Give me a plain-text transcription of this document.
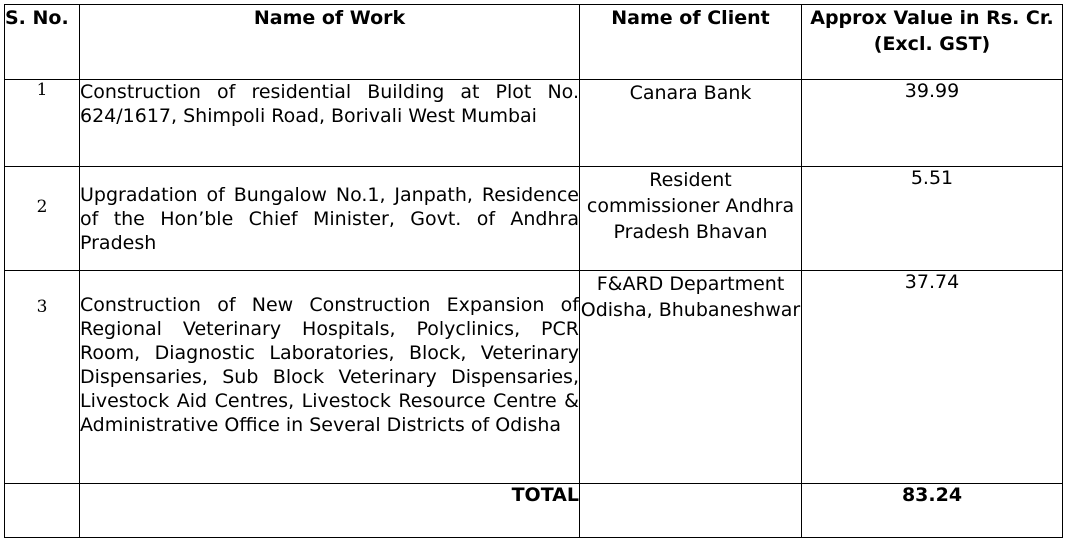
S. No.	Name of Work	Name of Client	Approx Value in Rs. Cr. (Excl. GST)
1	Construction of residential Building at Plot No. 624/1617, Shimpoli Road, Borivali West Mumbai	Canara Bank	39.99
2	Upgradation of Bungalow No.1, Janpath, Residence of the Hon’ble Chief Minister, Govt. of Andhra Pradesh	Resident commissioner Andhra Pradesh Bhavan	5.51
3	Construction of New Construction Expansion of Regional Veterinary Hospitals, Polyclinics, PCR Room, Diagnostic Laboratories, Block, Veterinary Dispensaries, Sub Block Veterinary Dispensaries, Livestock Aid Centres, Livestock Resource Centre & Administrative Office in Several Districts of Odisha	F&ARD Department Odisha, Bhubaneshwar	37.74
	TOTAL		83.24
